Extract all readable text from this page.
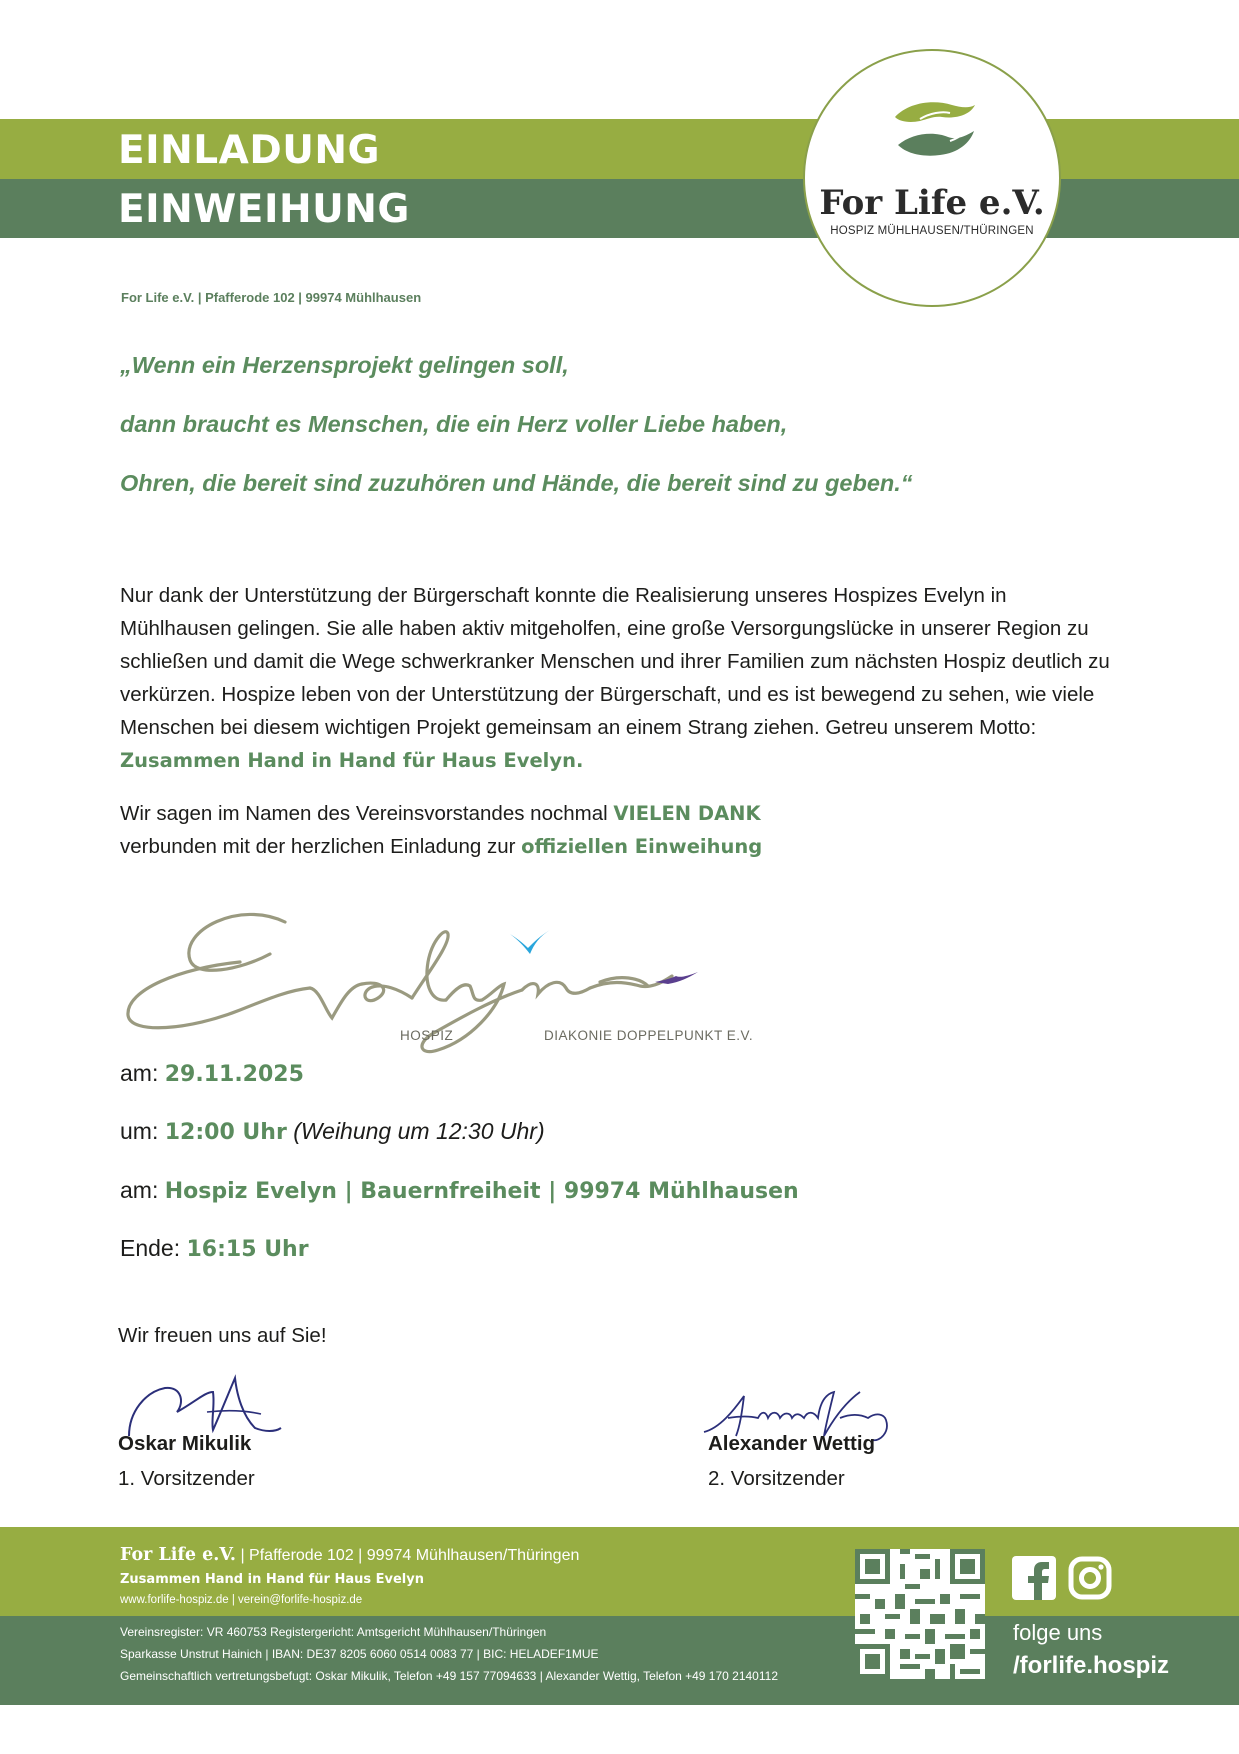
EINLADUNG
EINWEIHUNG	For Life e.V.
HOSPIZ MÜHLHAUSEN/THÜRINGEN
For Life e.V. | Pfafferode 102 | 99974 Mühlhausen
„Wenn ein Herzensprojekt gelingen soll,
dann braucht es Menschen, die ein Herz voller Liebe haben,
Ohren, die bereit sind zuzuhören und Hände, die bereit sind zu geben.“
Nur dank der Unterstützung der Bürgerschaft konnte die Realisierung unseres Hospizes Evelyn in Mühlhausen gelingen. Sie alle haben aktiv mitgeholfen, eine große Versorgungslücke in unserer Region zu schließen und damit die Wege schwerkranker Menschen und ihrer Familien zum nächsten Hospiz deutlich zu verkürzen. Hospize leben von der Unterstützung der Bürgerschaft, und es ist bewegend zu sehen, wie viele Menschen bei diesem wichtigen Projekt gemeinsam an einem Strang ziehen. Getreu unserem Motto: Zusammen Hand in Hand für Haus Evelyn.
Wir sagen im Namen des Vereinsvorstandes nochmal VIELEN DANK
verbunden mit der herzlichen Einladung zur offiziellen Einweihung
HOSPIZ	DIAKONIE DOPPELPUNKT E.V.
am: 29.11.2025
um: 12:00 Uhr (Weihung um 12:30 Uhr)
am: Hospiz Evelyn | Bauernfreiheit | 99974 Mühlhausen
Ende: 16:15 Uhr
Wir freuen uns auf Sie!
Oskar Mikulik
1. Vorsitzender
Alexander Wettig
2. Vorsitzender
For Life e.V. | Pfafferode 102 | 99974 Mühlhausen/Thüringen
Zusammen Hand in Hand für Haus Evelyn
www.forlife-hospiz.de | verein@forlife-hospiz.de
Vereinsregister: VR 460753 Registergericht: Amtsgericht Mühlhausen/Thüringen
Sparkasse Unstrut Hainich | IBAN: DE37 8205 6060 0514 0083 77 | BIC: HELADEF1MUE
Gemeinschaftlich vertretungsbefugt: Oskar Mikulik, Telefon +49 157 77094633 | Alexander Wettig, Telefon +49 170 2140112
folge uns
/forlife.hospiz
